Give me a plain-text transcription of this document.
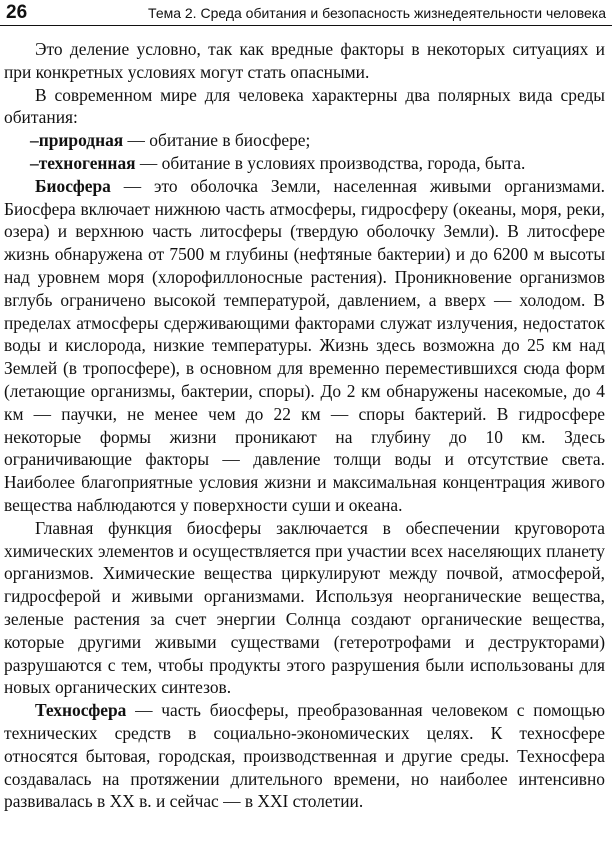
26	Тема 2. Среда обитания и безопасность жизнедеятельности человека

Это деление условно, так как вредные факторы в некоторых ситуациях и при конкретных условиях могут стать опасными.

В современном мире для человека характерны два полярных вида среды обитания:

–природная — обитание в биосфере;

–техногенная — обитание в условиях производства, города, быта.

Биосфера — это оболочка Земли, населенная живыми организмами. Биосфера включает нижнюю часть атмосферы, гидросферу (океаны, моря, реки, озера) и верхнюю часть литосферы (твердую оболочку Земли). В литосфере жизнь обнаружена от 7500 м глубины (нефтяные бактерии) и до 6200 м высоты над уровнем моря (хлорофиллоносные растения). Проникновение организмов вглубь ограничено высокой температурой, давлением, а вверх — холодом. В пределах атмосферы сдерживающими факторами служат излучения, недостаток воды и кислорода, низкие температуры. Жизнь здесь возможна до 25 км над Землей (в тропосфере), в основном для временно переместившихся сюда форм (летающие организмы, бактерии, споры). До 2 км обнаружены насекомые, до 4 км — паучки, не менее чем до 22 км — споры бактерий. В гидросфере некоторые формы жизни проникают на глубину до 10 км. Здесь ограничивающие факторы — давление толщи воды и отсутствие света. Наиболее благоприятные условия жизни и максимальная концентрация живого вещества наблюдаются у поверхности суши и океана.

Главная функция биосферы заключается в обеспечении круговорота химических элементов и осуществляется при участии всех населяющих планету организмов. Химические вещества циркулируют между почвой, атмосферой, гидросферой и живыми организмами. Используя неорганические вещества, зеленые растения за счет энергии Солнца создают органические вещества, которые другими живыми существами (гетеротрофами и деструкторами) разрушаются с тем, чтобы продукты этого разрушения были использованы для новых органических синтезов.

Техносфера — часть биосферы, преобразованная человеком с помощью технических средств в социально-экономических целях. К техносфере относятся бытовая, городская, производственная и другие среды. Техносфера создавалась на протяжении длительного времени, но наиболее интенсивно развивалась в XX в. и сейчас — в XXI столетии.
